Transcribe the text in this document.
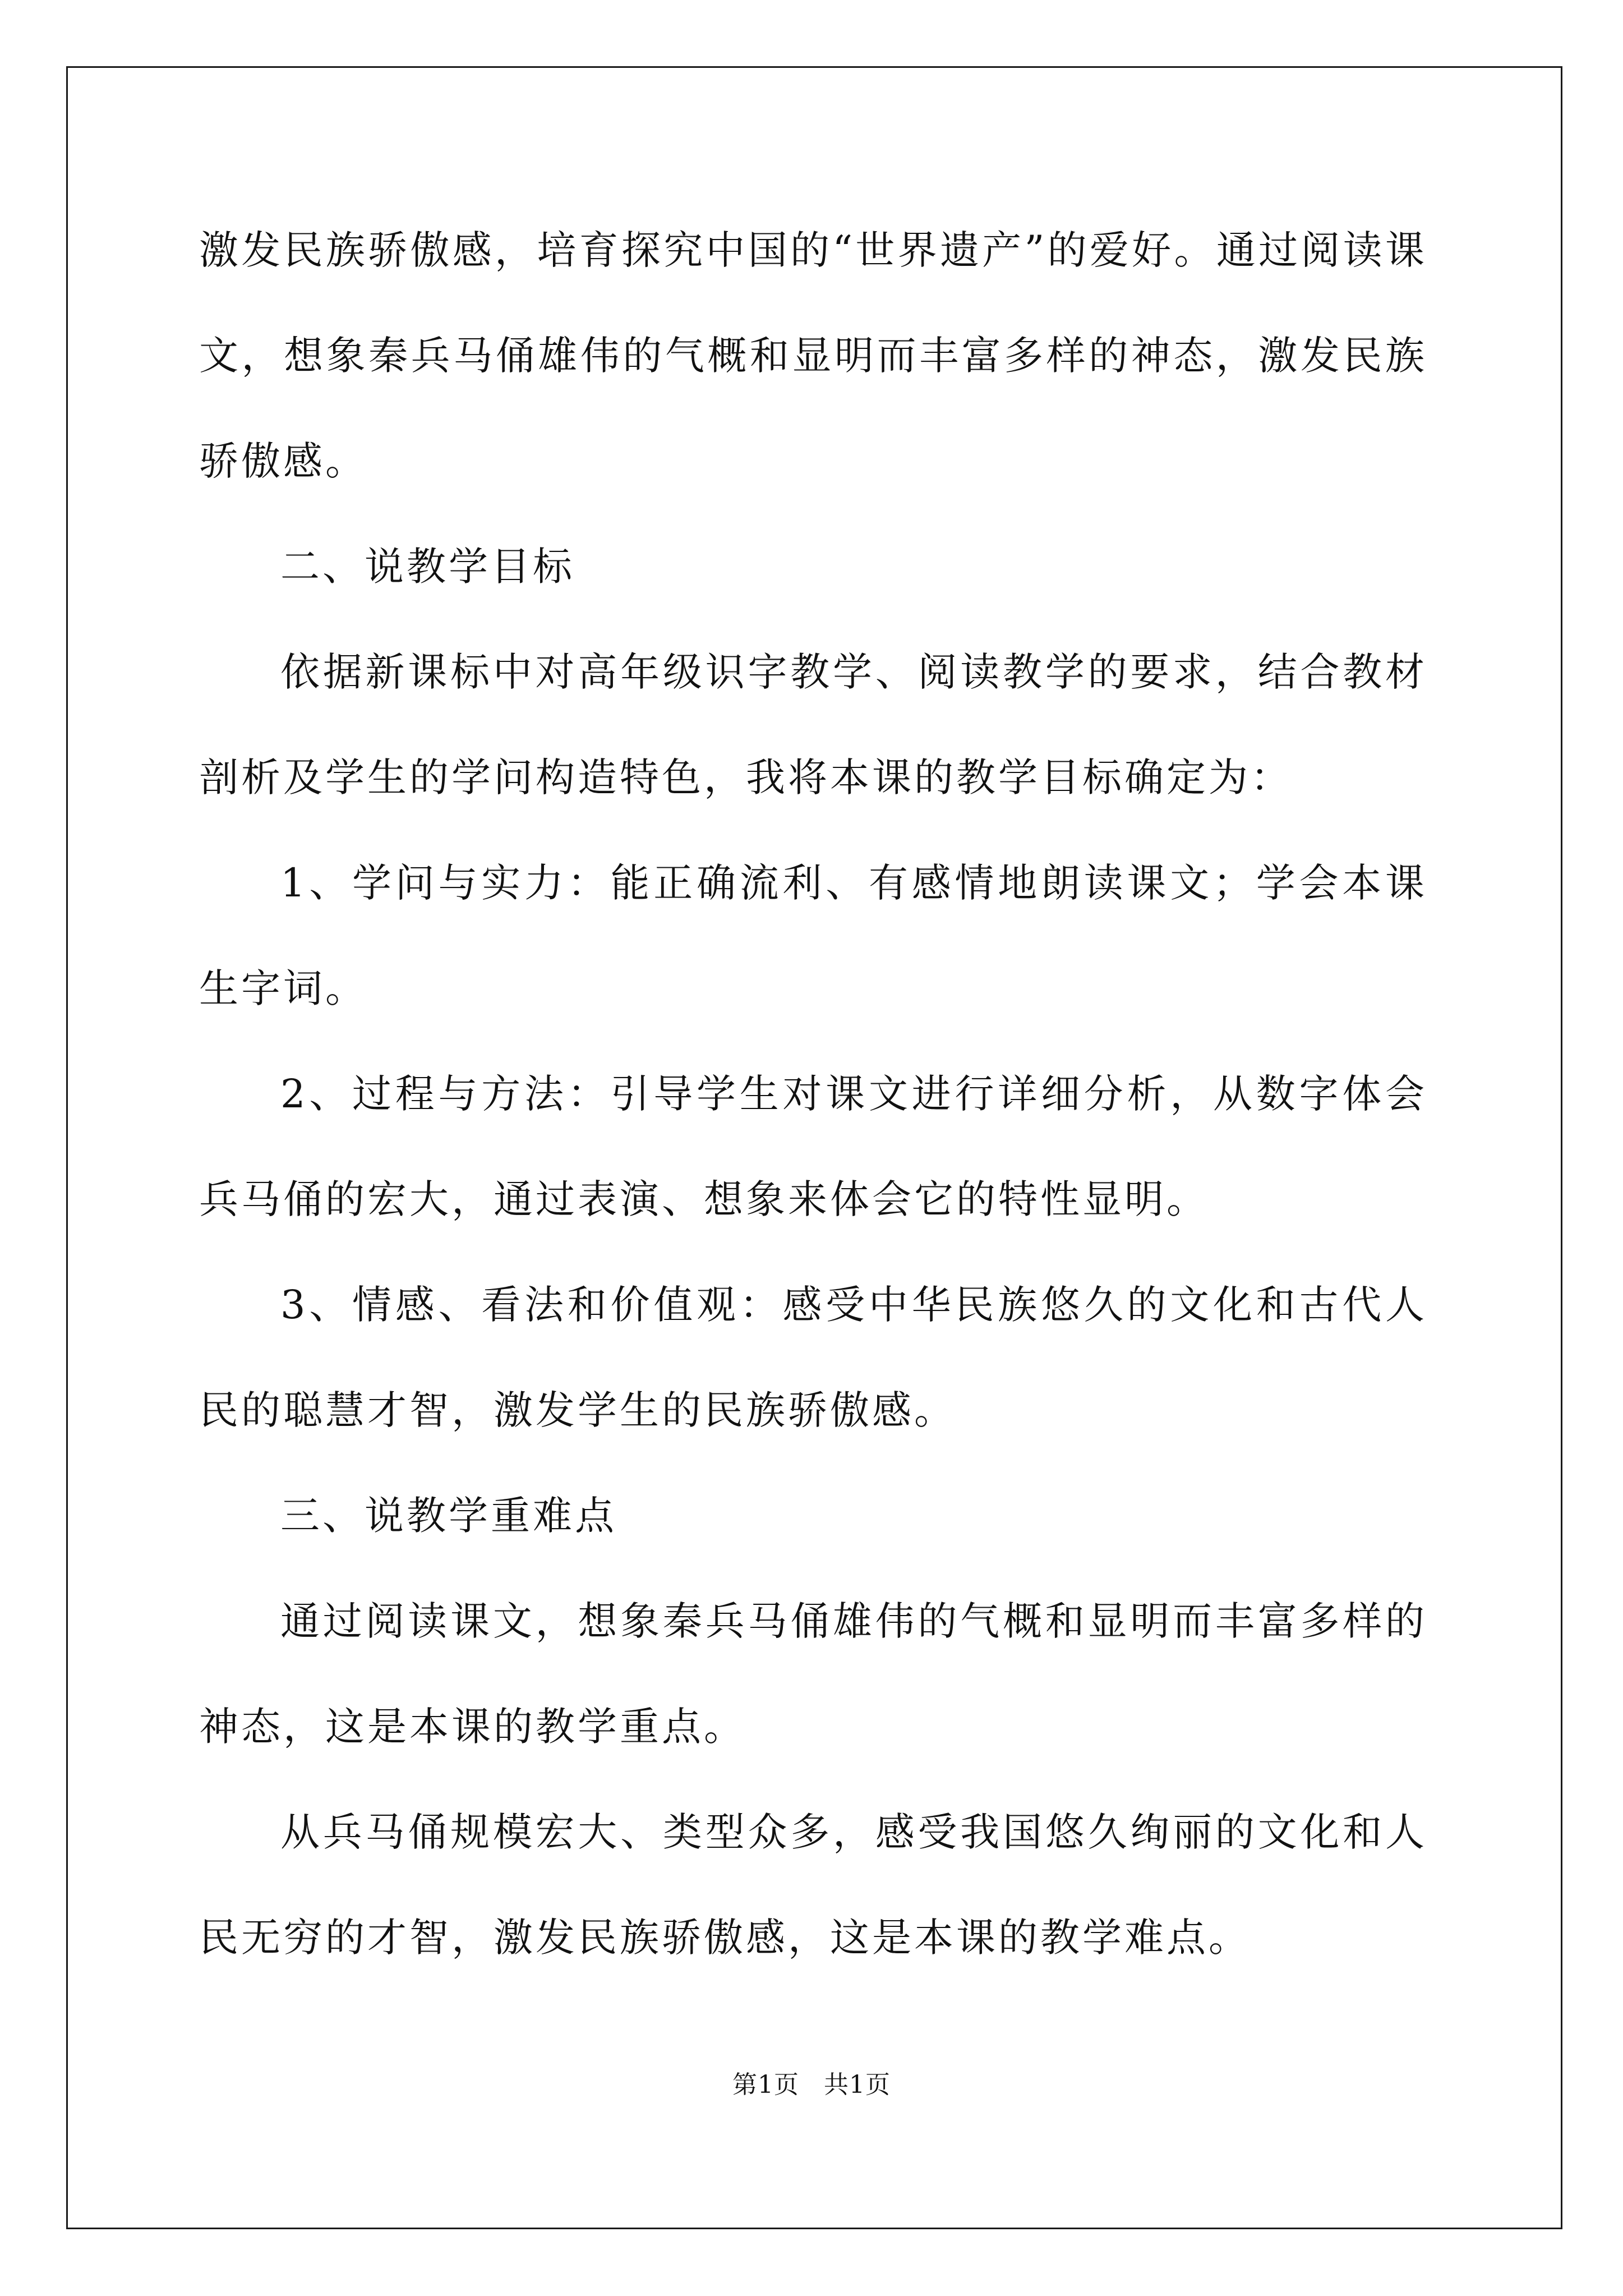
激发民族骄傲感，培育探究中国的“世界遗产”的爱好。通过阅读课文，想象秦兵马俑雄伟的气概和显明而丰富多样的神态，激发民族骄傲感。

二、说教学目标

依据新课标中对高年级识字教学、阅读教学的要求，结合教材剖析及学生的学问构造特色，我将本课的教学目标确定为：

1、学问与实力：能正确流利、有感情地朗读课文；学会本课生字词。

2、过程与方法：引导学生对课文进行详细分析，从数字体会兵马俑的宏大，通过表演、想象来体会它的特性显明。

3、情感、看法和价值观：感受中华民族悠久的文化和古代人民的聪慧才智，激发学生的民族骄傲感。

三、说教学重难点

通过阅读课文，想象秦兵马俑雄伟的气概和显明而丰富多样的神态，这是本课的教学重点。

从兵马俑规模宏大、类型众多，感受我国悠久绚丽的文化和人民无穷的才智，激发民族骄傲感，这是本课的教学难点。

第1页 共1页
